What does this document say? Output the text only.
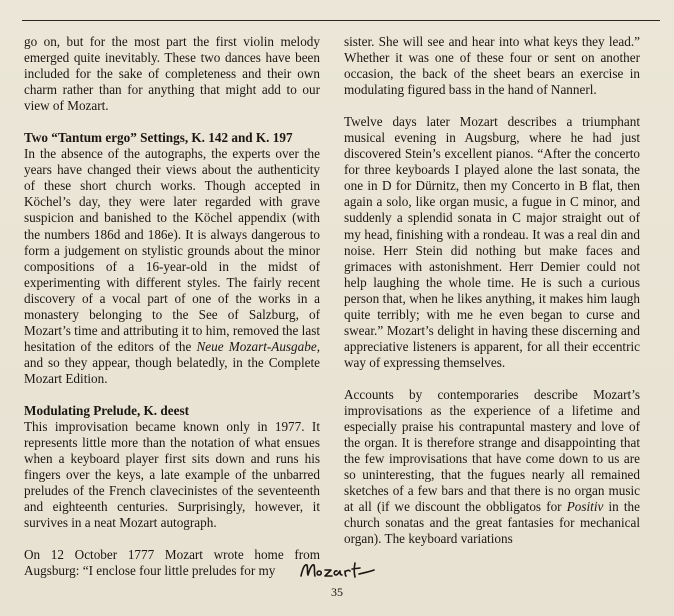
go on, but for the most part the first violin melody emerged quite inevitably. These two dances have been included for the sake of completeness and their own charm rather than for anything that might add to our view of Mozart.

Two “Tantum ergo” Settings, K. 142 and K. 197

In the absence of the autographs, the experts over the years have changed their views about the authenticity of these short church works. Though accepted in Köchel’s day, they were later regarded with grave suspicion and banished to the Köchel appendix (with the numbers 186d and 186e). It is always dangerous to form a judgement on stylistic grounds about the minor compositions of a 16-year-old in the midst of experimenting with different styles. The fairly recent discovery of a vocal part of one of the works in a monastery belonging to the See of Salzburg, of Mozart’s time and attributing it to him, removed the last hesitation of the editors of the Neue Mozart-Ausgabe, and so they appear, though belatedly, in the Complete Mozart Edition.

Modulating Prelude, K. deest

This improvisation became known only in 1977. It represents little more than the notation of what ensues when a keyboard player first sits down and runs his fingers over the keys, a late example of the unbarred preludes of the French clavecinistes of the seventeenth and eighteenth centuries. Surprisingly, however, it survives in a neat Mozart autograph.

On 12 October 1777 Mozart wrote home from Augsburg: “I enclose four little preludes for my

sister. She will see and hear into what keys they lead.” Whether it was one of these four or sent on another occasion, the back of the sheet bears an exercise in modulating figured bass in the hand of Nannerl.

Twelve days later Mozart describes a triumphant musical evening in Augsburg, where he had just discovered Stein’s excellent pianos. “After the concerto for three keyboards I played alone the last sonata, the one in D for Dürnitz, then my Concerto in B flat, then again a solo, like organ music, a fugue in C minor, and suddenly a splendid sonata in C major straight out of my head, finishing with a rondeau. It was a real din and noise. Herr Stein did nothing but make faces and grimaces with astonishment. Herr Demier could not help laughing the whole time. He is such a curious person that, when he likes anything, it makes him laugh quite terribly; with me he even began to curse and swear.” Mozart’s delight in having these discerning and appreciative listeners is apparent, for all their eccentric way of expressing themselves.

Accounts by contemporaries describe Mozart’s improvisations as the experience of a lifetime and especially praise his contrapuntal mastery and love of the organ. It is therefore strange and disappointing that the few improvisations that have come down to us are so uninteresting, that the fugues nearly all remained sketches of a few bars and that there is no organ music at all (if we discount the obbligatos for Positiv in the church sonatas and the great fantasies for mechanical organ). The keyboard variations

35
